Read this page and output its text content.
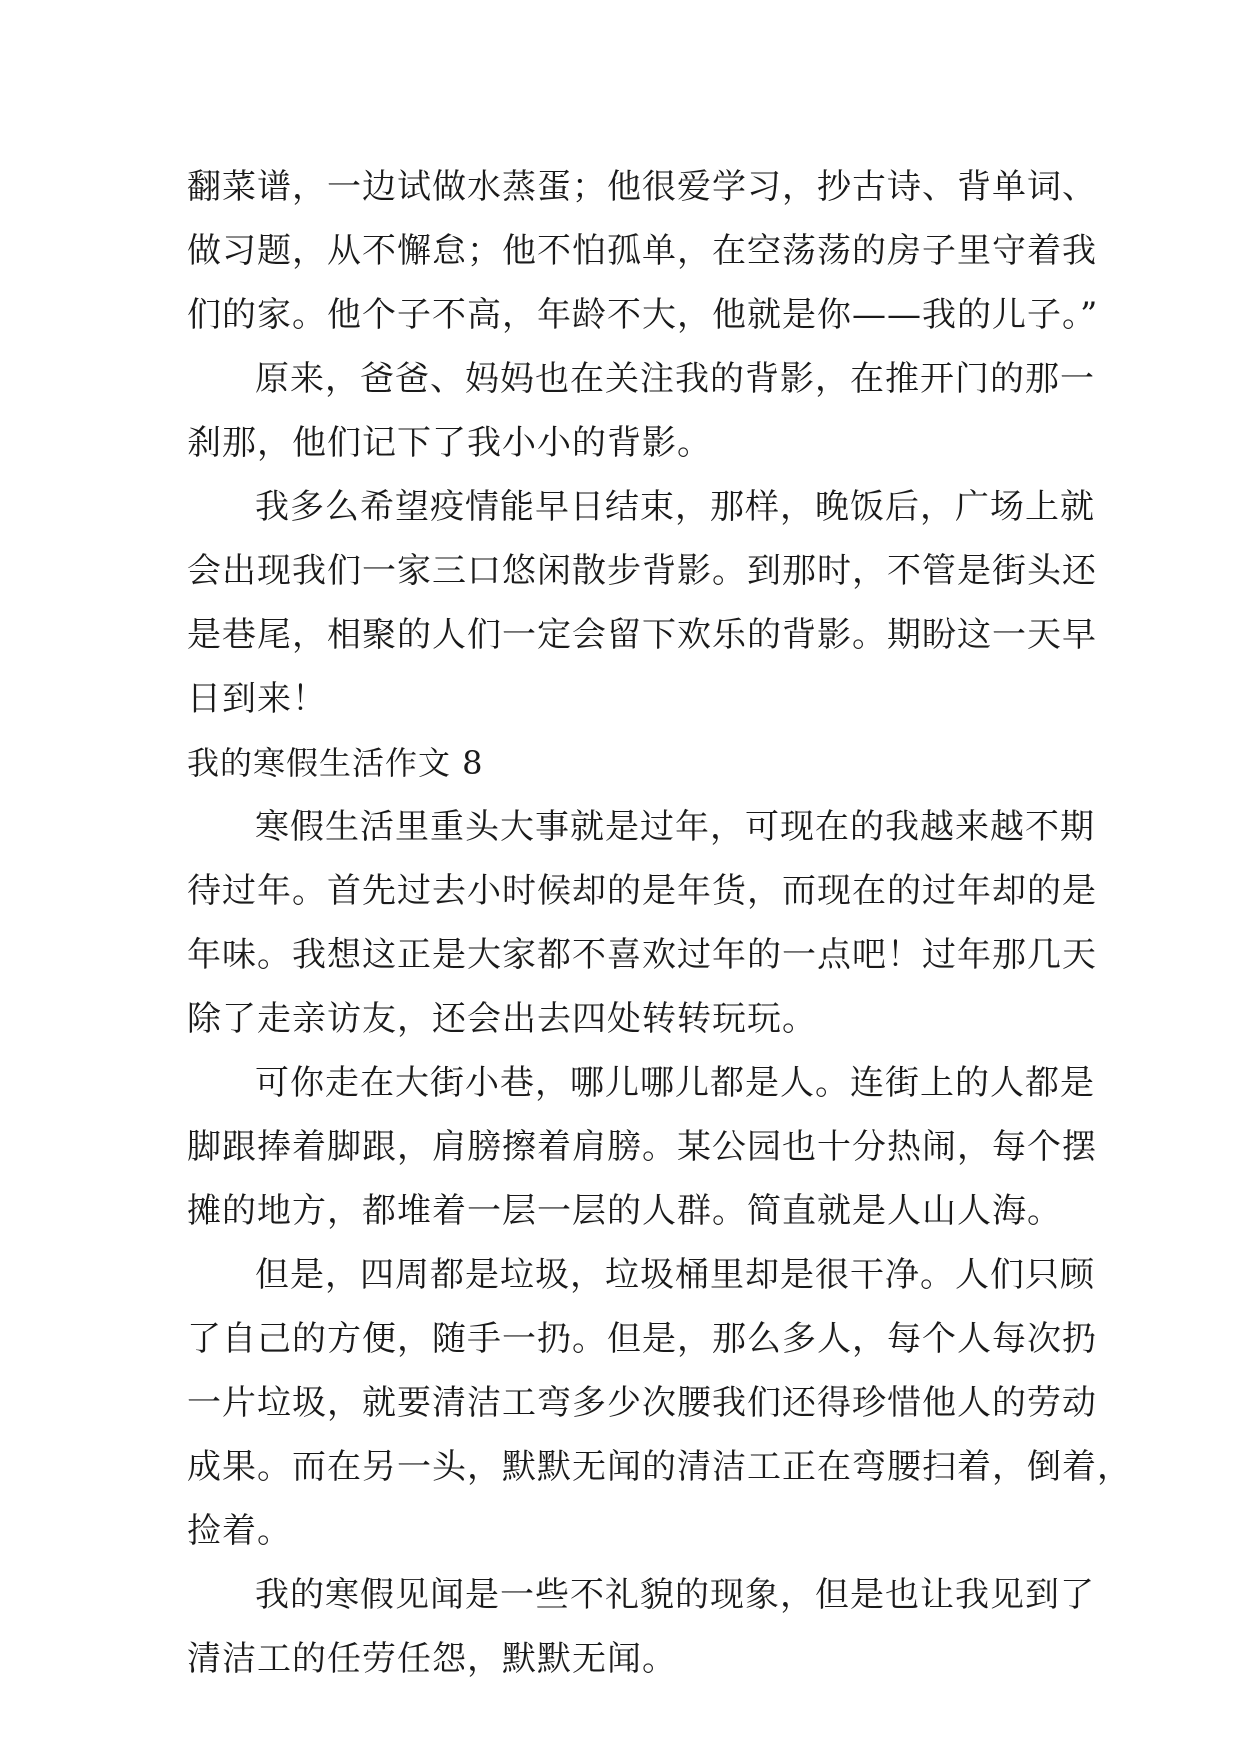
翻菜谱，一边试做水蒸蛋；他很爱学习，抄古诗、背单词、
做习题，从不懈怠；他不怕孤单，在空荡荡的房子里守着我
们的家。他个子不高，年龄不大，他就是你——我的儿子。”
原来，爸爸、妈妈也在关注我的背影，在推开门的那一
刹那，他们记下了我小小的背影。
我多么希望疫情能早日结束，那样，晚饭后，广场上就
会出现我们一家三口悠闲散步背影。到那时，不管是街头还
是巷尾，相聚的人们一定会留下欢乐的背影。期盼这一天早
日到来！
我的寒假生活作文 8
寒假生活里重头大事就是过年，可现在的我越来越不期
待过年。首先过去小时候却的是年货，而现在的过年却的是
年味。我想这正是大家都不喜欢过年的一点吧！过年那几天
除了走亲访友，还会出去四处转转玩玩。
可你走在大街小巷，哪儿哪儿都是人。连街上的人都是
脚跟捧着脚跟，肩膀擦着肩膀。某公园也十分热闹，每个摆
摊的地方，都堆着一层一层的人群。简直就是人山人海。
但是，四周都是垃圾，垃圾桶里却是很干净。人们只顾
了自己的方便，随手一扔。但是，那么多人，每个人每次扔
一片垃圾，就要清洁工弯多少次腰我们还得珍惜他人的劳动
成果。而在另一头，默默无闻的清洁工正在弯腰扫着，倒着，
捡着。
我的寒假见闻是一些不礼貌的现象，但是也让我见到了
清洁工的任劳任怨，默默无闻。
